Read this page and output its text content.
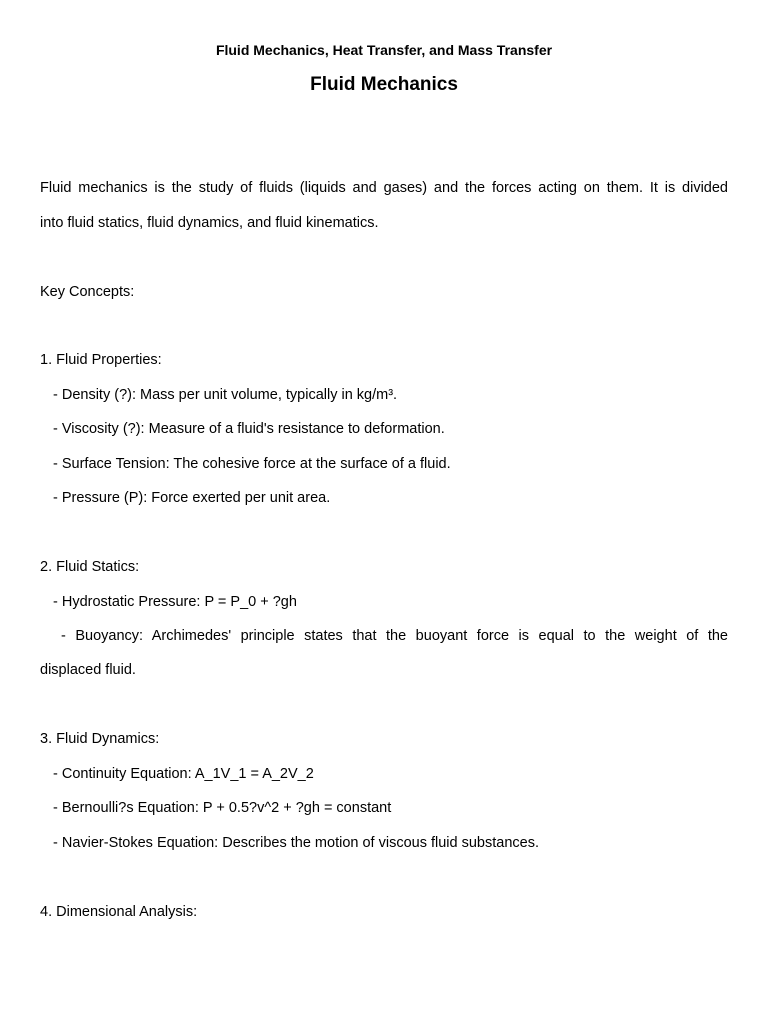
Fluid Mechanics, Heat Transfer, and Mass Transfer
Fluid Mechanics
Fluid mechanics is the study of fluids (liquids and gases) and the forces acting on them. It is divided
into fluid statics, fluid dynamics, and fluid kinematics.
Key Concepts:
1. Fluid Properties:
- Density (?): Mass per unit volume, typically in kg/m³.
- Viscosity (?): Measure of a fluid's resistance to deformation.
- Surface Tension: The cohesive force at the surface of a fluid.
- Pressure (P): Force exerted per unit area.
2. Fluid Statics:
- Hydrostatic Pressure: P = P_0 + ?gh
- Buoyancy: Archimedes' principle states that the buoyant force is equal to the weight of the
displaced fluid.
3. Fluid Dynamics:
- Continuity Equation: A_1V_1 = A_2V_2
- Bernoulli?s Equation: P + 0.5?v^2 + ?gh = constant
- Navier-Stokes Equation: Describes the motion of viscous fluid substances.
4. Dimensional Analysis:
